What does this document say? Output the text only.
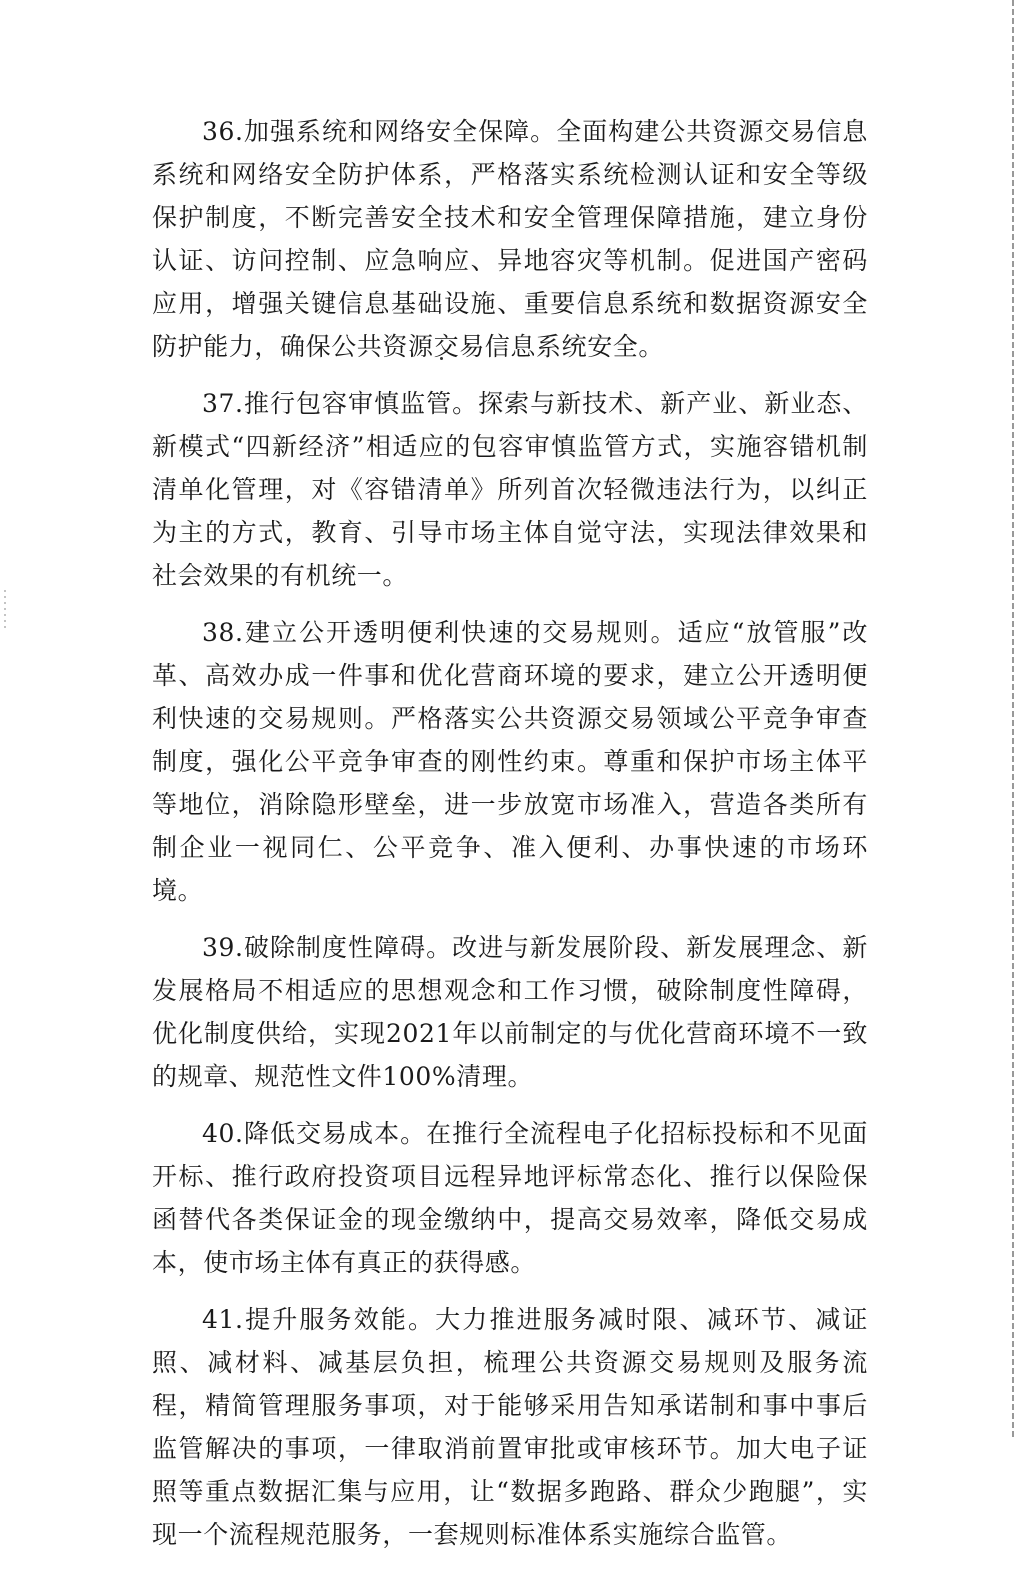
36.加强系统和网络安全保障。全面构建公共资源交易信息系统和网络安全防护体系，严格落实系统检测认证和安全等级保护制度，不断完善安全技术和安全管理保障措施，建立身份认证、访问控制、应急响应、异地容灾等机制。促进国产密码应用，增强关键信息基础设施、重要信息系统和数据资源安全防护能力，确保公共资源交易信息系统安全。

37.推行包容审慎监管。探索与新技术、新产业、新业态、新模式“四新经济”相适应的包容审慎监管方式，实施容错机制清单化管理，对《容错清单》所列首次轻微违法行为，以纠正为主的方式，教育、引导市场主体自觉守法，实现法律效果和社会效果的有机统一。

38.建立公开透明便利快速的交易规则。适应“放管服”改革、高效办成一件事和优化营商环境的要求，建立公开透明便利快速的交易规则。严格落实公共资源交易领域公平竞争审查制度，强化公平竞争审查的刚性约束。尊重和保护市场主体平等地位，消除隐形壁垒，进一步放宽市场准入，营造各类所有制企业一视同仁、公平竞争、准入便利、办事快速的市场环境。

39.破除制度性障碍。改进与新发展阶段、新发展理念、新发展格局不相适应的思想观念和工作习惯，破除制度性障碍，优化制度供给，实现2021年以前制定的与优化营商环境不一致的规章、规范性文件100%清理。

40.降低交易成本。在推行全流程电子化招标投标和不见面开标、推行政府投资项目远程异地评标常态化、推行以保险保函替代各类保证金的现金缴纳中，提高交易效率，降低交易成本，使市场主体有真正的获得感。

41.提升服务效能。大力推进服务减时限、减环节、减证照、减材料、减基层负担，梳理公共资源交易规则及服务流程，精简管理服务事项，对于能够采用告知承诺制和事中事后监管解决的事项，一律取消前置审批或审核环节。加大电子证照等重点数据汇集与应用，让“数据多跑路、群众少跑腿”，实现一个流程规范服务，一套规则标准体系实施综合监管。
